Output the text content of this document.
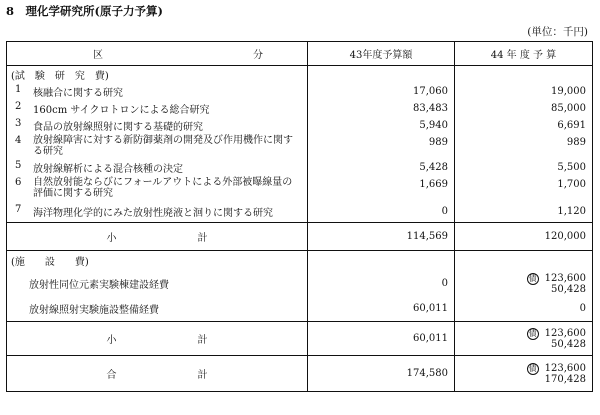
8　理化学研究所(原子力予算)
(単位：千円)
区 分	43年度予算額	44 年 度 予 算
(試　験　研　究　費)		
1 核融合に関する研究	17,060	19,000
2 160cm サイクロトロンによる総合研究	83,483	85,000
3 食品の放射線照射に関する基礎的研究	5,940	6,691
4 放射線障害に対する新防御薬剤の開発及び作用機作に関する研究	989	989
5 放射線解析による混合核種の決定	5,428	5,500
6 自然放射能ならびにフォールアウトによる外部被曝線量の評価に関する研究	1,669	1,700
7 海洋物理化学的にみた放射性廃液と洄りに関する研究	0	1,120

小 計	114,569	120,000
(施　　設　　費)		
放射性同位元素実験棟建設経費	0	債 123,600
50,428

放射線照射実験施設整備経費	60,011	0

小 計	60,011	債 123,600
50,428

合 計	174,580	債 123,600
170,428
